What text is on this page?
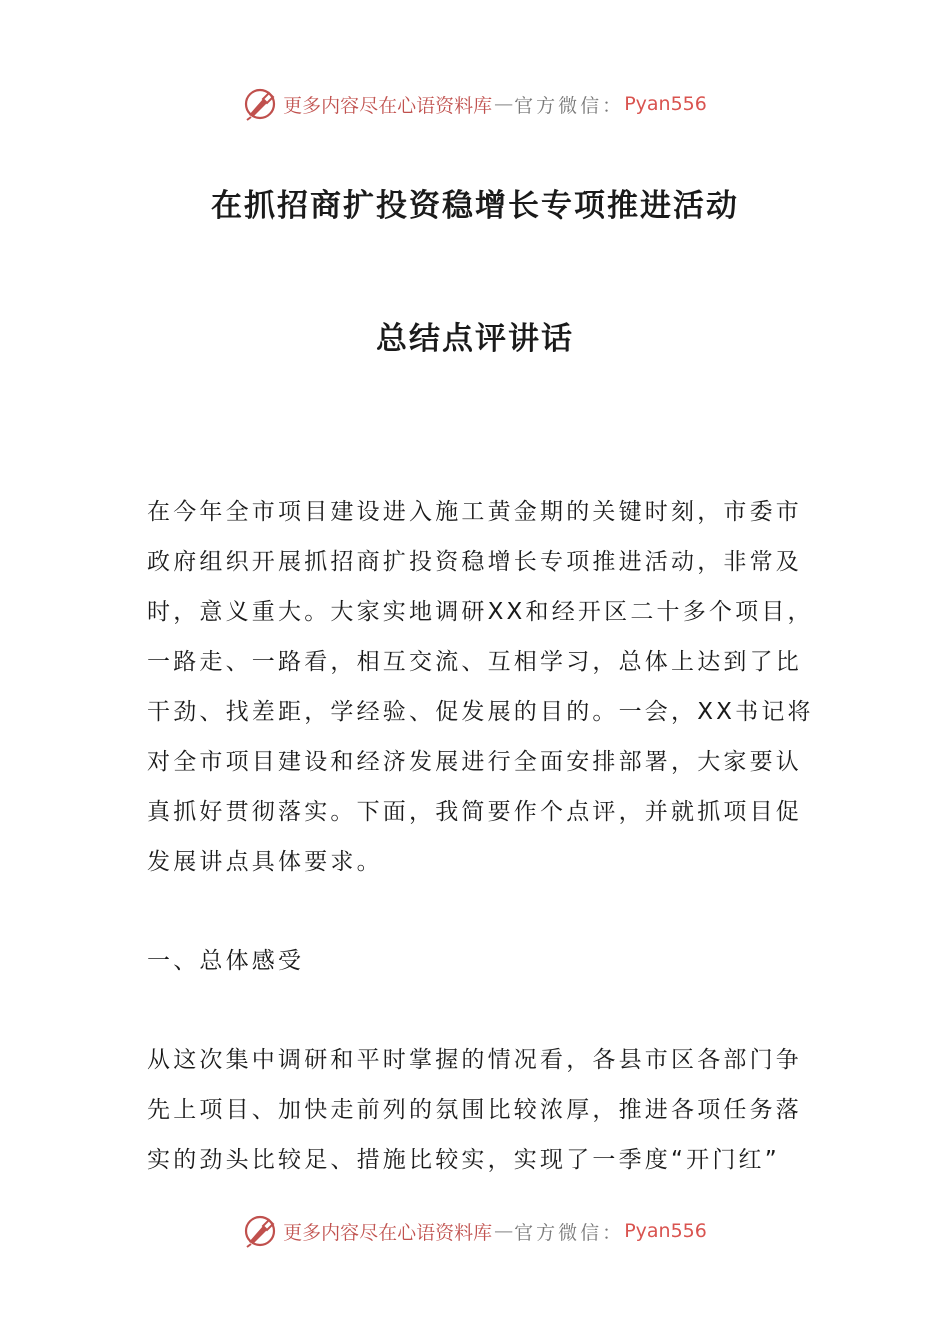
更多内容尽在心语资料库 — 官方微信： Pyan556
在抓招商扩投资稳增长专项推进活动
总结点评讲话
在今年全市项目建设进入施工黄金期的关键时刻，市委市
政府组织开展抓招商扩投资稳增长专项推进活动，非常及
时，意义重大。大家实地调研XX和经开区二十多个项目，
一路走、一路看，相互交流、互相学习，总体上达到了比
干劲、找差距，学经验、促发展的目的。一会，XX书记将
对全市项目建设和经济发展进行全面安排部署，大家要认
真抓好贯彻落实。下面，我简要作个点评，并就抓项目促
发展讲点具体要求。
一、总体感受
从这次集中调研和平时掌握的情况看，各县市区各部门争
先上项目、加快走前列的氛围比较浓厚，推进各项任务落
实的劲头比较足、措施比较实，实现了一季度“开门红”
更多内容尽在心语资料库 — 官方微信： Pyan556
